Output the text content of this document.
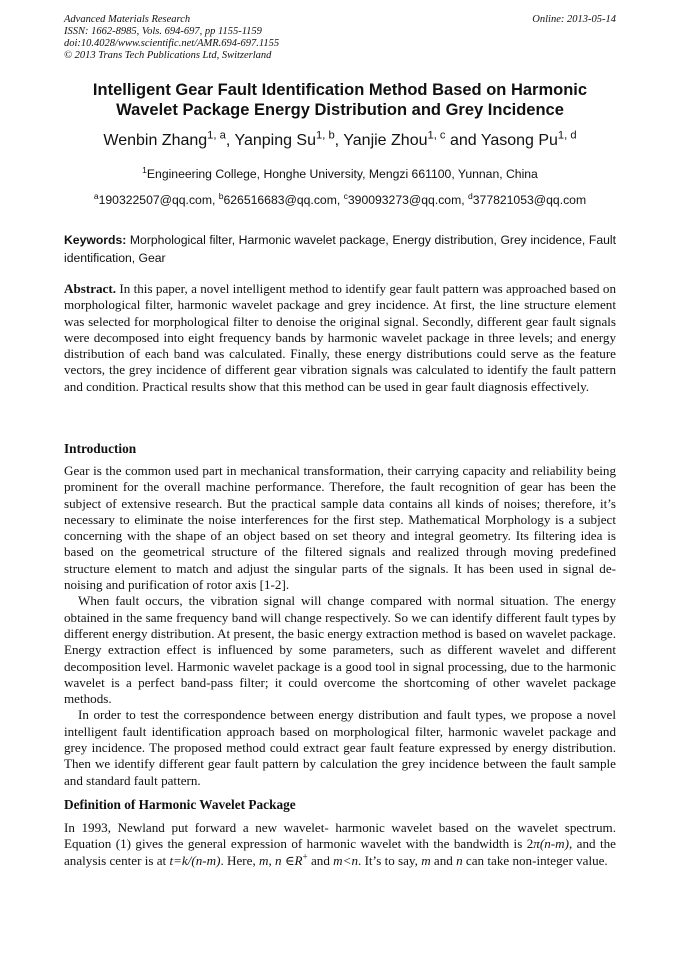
Advanced Materials Research
ISSN: 1662-8985, Vols. 694-697, pp 1155-1159
doi:10.4028/www.scientific.net/AMR.694-697.1155
© 2013 Trans Tech Publications Ltd, Switzerland
Online: 2013-05-14
Intelligent Gear Fault Identification Method Based on Harmonic Wavelet Package Energy Distribution and Grey Incidence
Wenbin Zhang$^{1, a}$, Yanping Su$^{1, b}$, Yanjie Zhou$^{1, c}$ and Yasong Pu$^{1, d}$
$^1$Engineering College, Honghe University, Mengzi 661100, Yunnan, China
$^a$190322507@qq.com, $^b$626516683@qq.com, $^c$390093273@qq.com, $^d$377821053@qq.com
Keywords: Morphological filter, Harmonic wavelet package, Energy distribution, Grey incidence, Fault identification, Gear

Abstract. In this paper, a novel intelligent method to identify gear fault pattern was approached based on morphological filter, harmonic wavelet package and grey incidence. At first, the line structure element was selected for morphological filter to denoise the original signal. Secondly, different gear fault signals were decomposed into eight frequency bands by harmonic wavelet package in three levels; and energy distribution of each band was calculated. Finally, these energy distributions could serve as the feature vectors, the grey incidence of different gear vibration signals was calculated to identify the fault pattern and condition. Practical results show that this method can be used in gear fault diagnosis effectively.

Introduction

Gear is the common used part in mechanical transformation, their carrying capacity and reliability being prominent for the overall machine performance. Therefore, the fault recognition of gear has been the subject of extensive research. But the practical sample data contains all kinds of noises; therefore, it’s necessary to eliminate the noise interferences for the first step. Mathematical Morphology is a subject concerning with the shape of an object based on set theory and integral geometry. Its filtering idea is based on the geometrical structure of the filtered signals and realized through moving predefined structure element to match and adjust the singular parts of the signals. It has been used in signal de-noising and purification of rotor axis [1-2].

When fault occurs, the vibration signal will change compared with normal situation. The energy obtained in the same frequency band will change respectively. So we can identify different fault types by different energy distribution. At present, the basic energy extraction method is based on wavelet package. Energy extraction effect is influenced by some parameters, such as different wavelet and different decomposition level. Harmonic wavelet package is a good tool in signal processing, due to the harmonic wavelet is a perfect band-pass filter; it could overcome the shortcoming of other wavelet package methods.

In order to test the correspondence between energy distribution and fault types, we propose a novel intelligent fault identification approach based on morphological filter, harmonic wavelet package and grey incidence. The proposed method could extract gear fault feature expressed by energy distribution. Then we identify different gear fault pattern by calculation the grey incidence between the fault sample and standard fault pattern.

Definition of Harmonic Wavelet Package

In 1993, Newland put forward a new wavelet- harmonic wavelet based on the wavelet spectrum. Equation (1) gives the general expression of harmonic wavelet with the bandwidth is 2π(n-m), and the analysis center is at t=k/(n-m). Here, m, n ∈R+ and m<n. It’s to say, m and n can take non-integer value.
